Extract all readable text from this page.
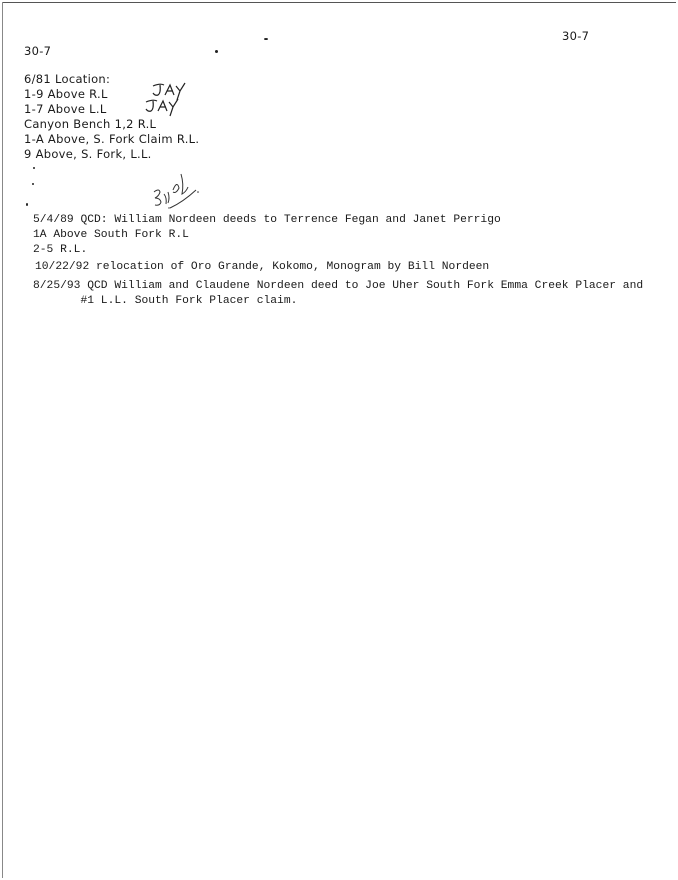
30-7
30-7
6/81 Location:
1-9 Above R.L
1-7 Above L.L
Canyon Bench 1,2 R.L
1-A Above, S. Fork Claim R.L.
9 Above, S. Fork, L.L.
5/4/89 QCD: William Nordeen deeds to Terrence Fegan and Janet Perrigo
1A Above South Fork R.L
2-5 R.L.
10/22/92 relocation of Oro Grande, Kokomo, Monogram by Bill Nordeen
8/25/93 QCD William and Claudene Nordeen deed to Joe Uher South Fork Emma Creek Placer and
#1 L.L. South Fork Placer claim.
